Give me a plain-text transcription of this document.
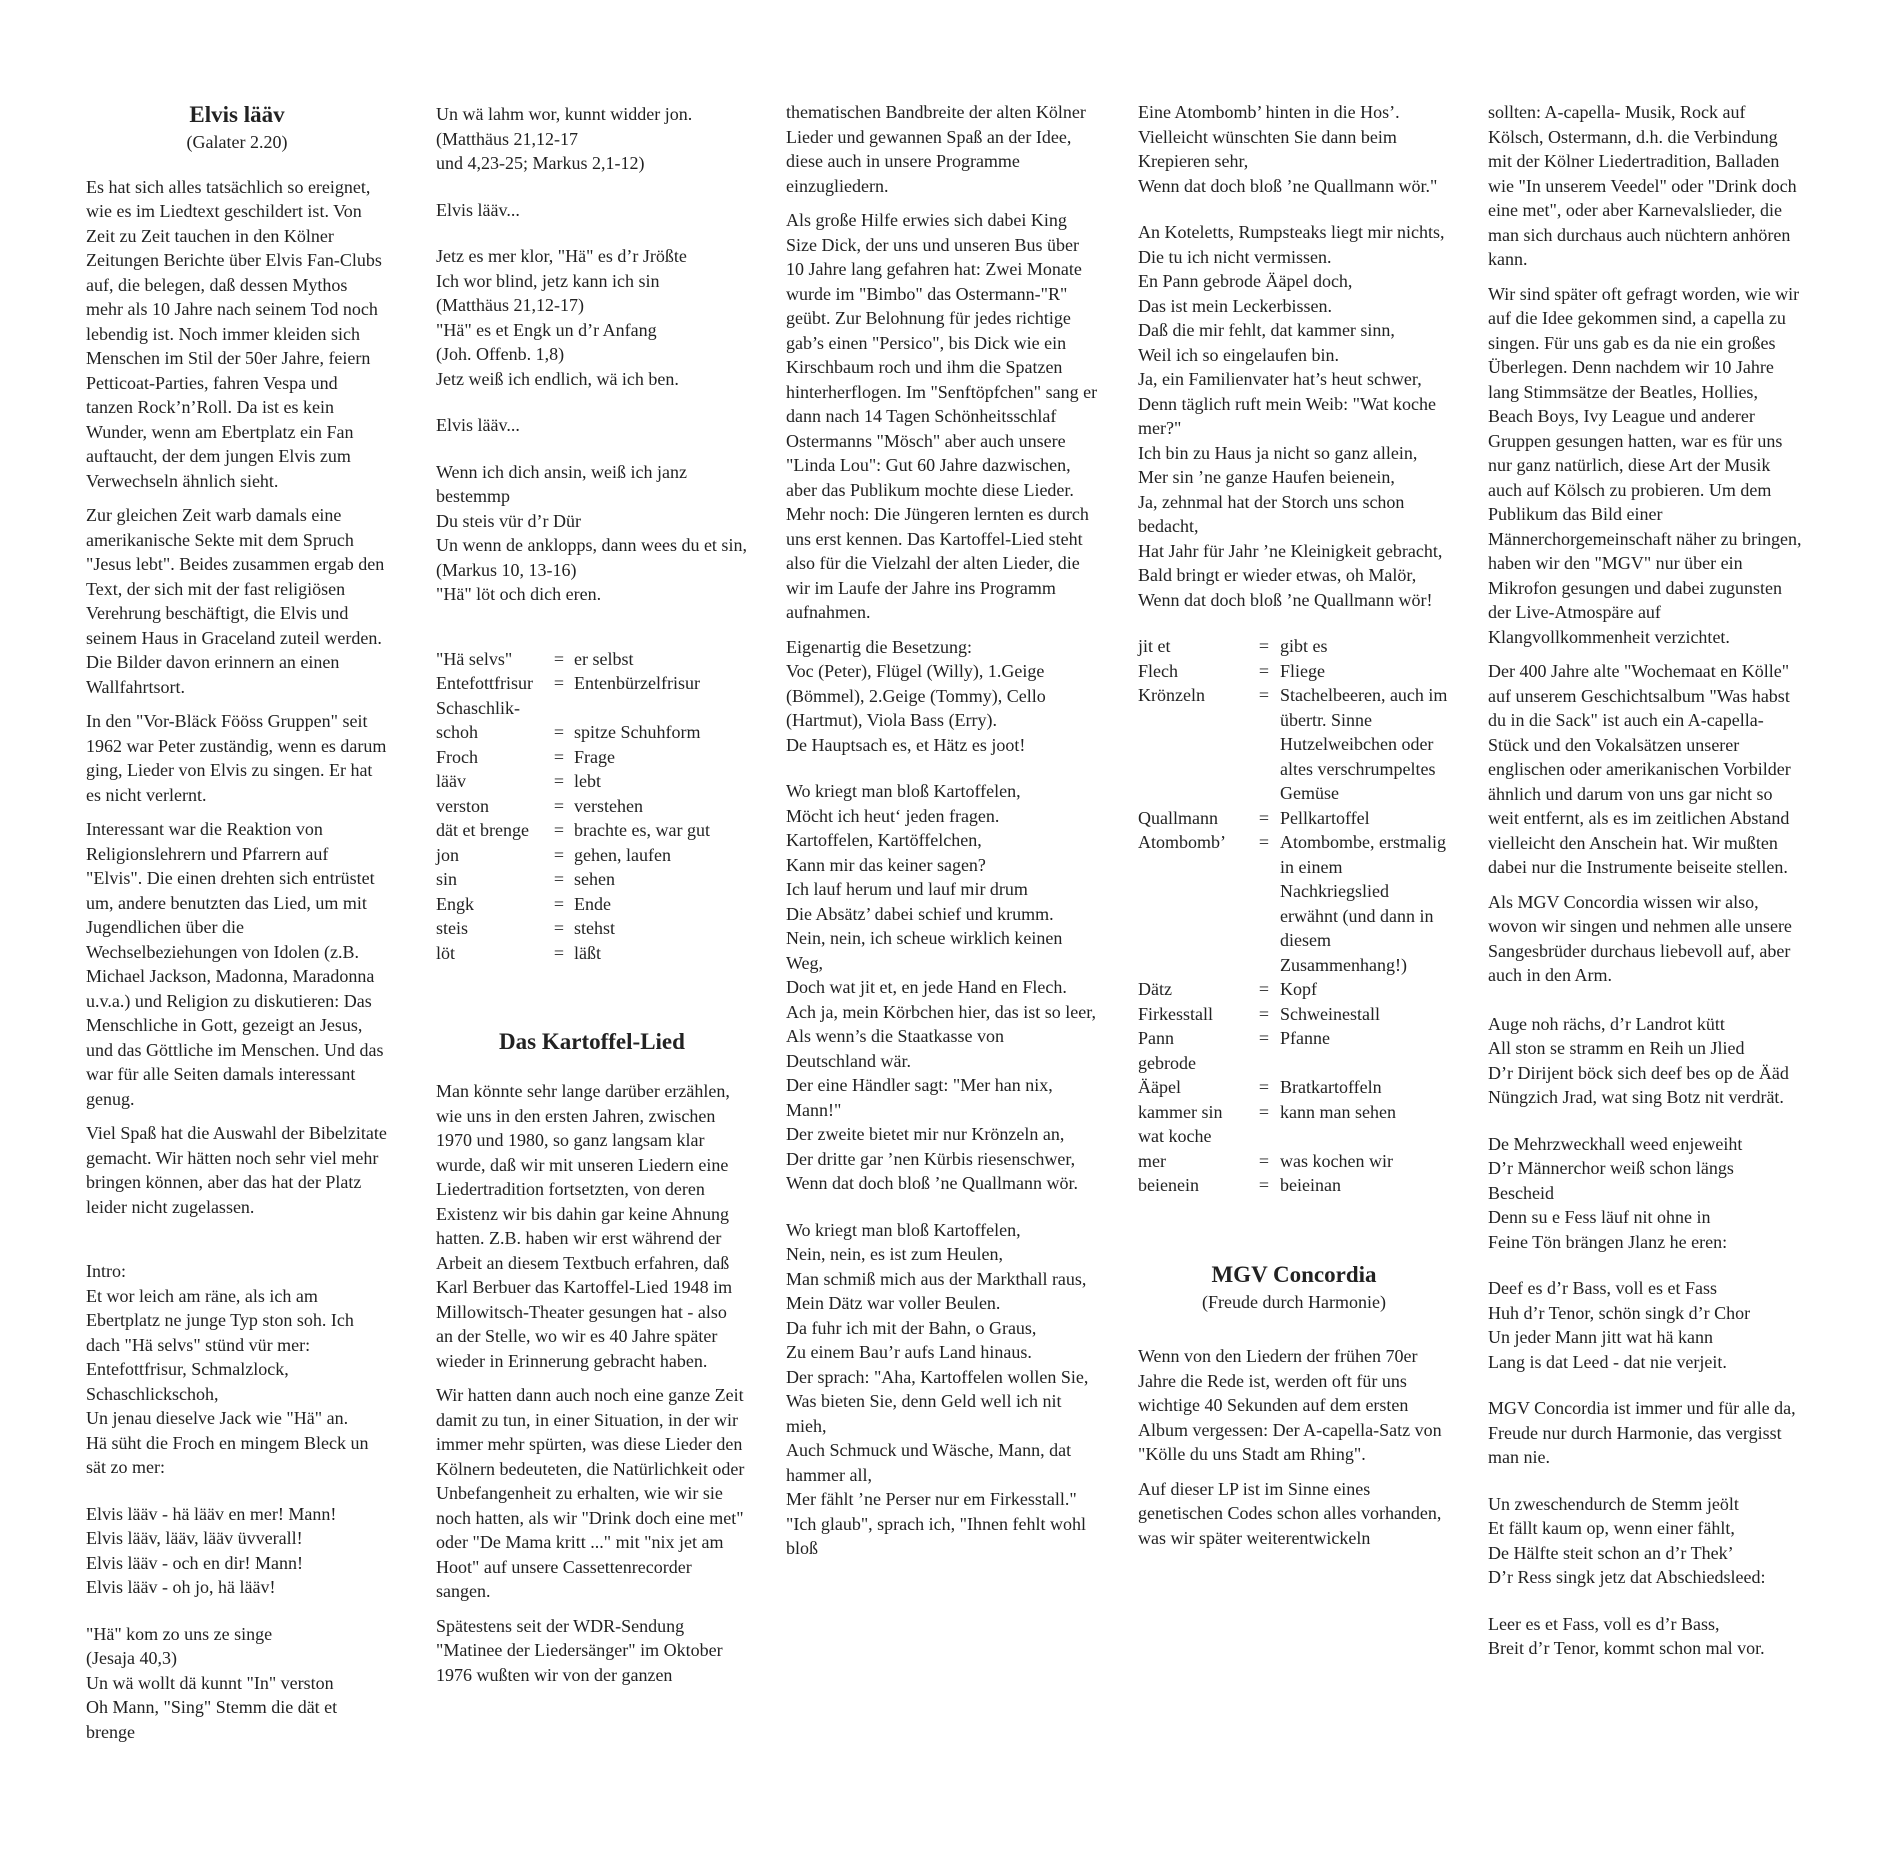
Elvis lääv
(Galater 2.20)

Es hat sich alles tatsächlich so ereignet, wie es im Liedtext geschildert ist. Von Zeit zu Zeit tauchen in den Kölner Zeitungen Berichte über Elvis Fan-Clubs auf, die belegen, daß dessen Mythos mehr als 10 Jahre nach seinem Tod noch lebendig ist. Noch immer kleiden sich Menschen im Stil der 50er Jahre, feiern Petticoat-Parties, fahren Vespa und tanzen Rock’n’Roll. Da ist es kein Wunder, wenn am Ebertplatz ein Fan auftaucht, der dem jungen Elvis zum Verwechseln ähnlich sieht.

Zur gleichen Zeit warb damals eine amerikanische Sekte mit dem Spruch "Jesus lebt". Beides zusammen ergab den Text, der sich mit der fast religiösen Verehrung beschäftigt, die Elvis und seinem Haus in Graceland zuteil werden. Die Bilder davon erinnern an einen Wallfahrtsort.

In den "Vor-Bläck Fööss Gruppen" seit 1962 war Peter zuständig, wenn es darum ging, Lieder von Elvis zu singen. Er hat es nicht verlernt.

Interessant war die Reaktion von Religionslehrern und Pfarrern auf "Elvis". Die einen drehten sich entrüstet um, andere benutzten das Lied, um mit Jugendlichen über die Wechselbeziehungen von Idolen (z.B. Michael Jackson, Madonna, Maradonna u.v.a.) und Religion zu diskutieren: Das Menschliche in Gott, gezeigt an Jesus, und das Göttliche im Menschen. Und das war für alle Seiten damals interessant genug.

Viel Spaß hat die Auswahl der Bibelzitate gemacht. Wir hätten noch sehr viel mehr bringen können, aber das hat der Platz leider nicht zugelassen.

Intro:
Et wor leich am räne, als ich am Ebertplatz ne junge Typ ston soh. Ich dach "Hä selvs" stünd vür mer:
Entefottfrisur, Schmalzlock, Schaschlickschoh,
Un jenau dieselve Jack wie "Hä" an.
Hä süht die Froch en mingem Bleck un sät zo mer:
Elvis lääv - hä lääv en mer! Mann!
Elvis lääv, lääv, lääv üvverall!
Elvis lääv - och en dir! Mann!
Elvis lääv - oh jo, hä lääv!
"Hä" kom zo uns ze singe
(Jesaja 40,3)
Un wä wollt dä kunnt "In" verston
Oh Mann, "Sing" Stemm die dät et brenge
Un wä lahm wor, kunnt widder jon.
(Matthäus 21,12-17
und 4,23-25; Markus 2,1-12)
Elvis lääv...
Jetz es mer klor, "Hä" es d’r Jrößte
Ich wor blind, jetz kann ich sin
(Matthäus 21,12-17)
"Hä" es et Engk un d’r Anfang
(Joh. Offenb. 1,8)
Jetz weiß ich endlich, wä ich ben.
Elvis lääv...
Wenn ich dich ansin, weiß ich janz bestemmp
Du steis vür d’r Dür
Un wenn de anklopps, dann wees du et sin, (Markus 10, 13-16)
"Hä" löt och dich eren.
"Hä selvs"	= er selbst
Entefottfrisur	= Entenbürzelfrisur
Schaschlik-
schoh	= spitze Schuhform
Froch	= Frage
lääv	= lebt
verston	= verstehen
dät et brenge	= brachte es, war gut
jon	= gehen, laufen
sin	= sehen
Engk	= Ende
steis	= stehst
löt	= läßt
Das Kartoffel-Lied

Man könnte sehr lange darüber erzählen, wie uns in den ersten Jahren, zwischen 1970 und 1980, so ganz langsam klar wurde, daß wir mit unseren Liedern eine Liedertradition fortsetzten, von deren Existenz wir bis dahin gar keine Ahnung hatten. Z.B. haben wir erst während der Arbeit an diesem Textbuch erfahren, daß Karl Berbuer das Kartoffel-Lied 1948 im Millowitsch-Theater gesungen hat - also an der Stelle, wo wir es 40 Jahre später wieder in Erinnerung gebracht haben.

Wir hatten dann auch noch eine ganze Zeit damit zu tun, in einer Situation, in der wir immer mehr spürten, was diese Lieder den Kölnern bedeuteten, die Natürlichkeit oder Unbefangenheit zu erhalten, wie wir sie noch hatten, als wir "Drink doch eine met" oder "De Mama kritt ..." mit "nix jet am Hoot" auf unsere Cassettenrecorder sangen.

Spätestens seit der WDR-Sendung "Matinee der Liedersänger" im Oktober 1976 wußten wir von der ganzen

thematischen Bandbreite der alten Kölner Lieder und gewannen Spaß an der Idee, diese auch in unsere Programme einzugliedern.

Als große Hilfe erwies sich dabei King Size Dick, der uns und unseren Bus über 10 Jahre lang gefahren hat: Zwei Monate wurde im "Bimbo" das Ostermann-"R" geübt. Zur Belohnung für jedes richtige gab’s einen "Persico", bis Dick wie ein Kirschbaum roch und ihm die Spatzen hinterherflogen. Im "Senftöpfchen" sang er dann nach 14 Tagen Schönheitsschlaf Ostermanns "Mösch" aber auch unsere "Linda Lou": Gut 60 Jahre dazwischen, aber das Publikum mochte diese Lieder. Mehr noch: Die Jüngeren lernten es durch uns erst kennen. Das Kartoffel-Lied steht also für die Vielzahl der alten Lieder, die wir im Laufe der Jahre ins Programm aufnahmen.

Eigenartig die Besetzung:

Voc (Peter), Flügel (Willy), 1.Geige (Bömmel), 2.Geige (Tommy), Cello (Hartmut), Viola Bass (Erry).
De Hauptsach es, et Hätz es joot!
Wo kriegt man bloß Kartoffelen,
Möcht ich heut‘ jeden fragen.
Kartoffelen, Kartöffelchen,
Kann mir das keiner sagen?
Ich lauf herum und lauf mir drum
Die Absätz’ dabei schief und krumm.
Nein, nein, ich scheue wirklich keinen Weg,
Doch wat jit et, en jede Hand en Flech.
Ach ja, mein Körbchen hier, das ist so leer,
Als wenn’s die Staatkasse von Deutschland wär.
Der eine Händler sagt: "Mer han nix, Mann!"
Der zweite bietet mir nur Krönzeln an,
Der dritte gar ’nen Kürbis riesenschwer,
Wenn dat doch bloß ’ne Quallmann wör.
Wo kriegt man bloß Kartoffelen,
Nein, nein, es ist zum Heulen,
Man schmiß mich aus der Markthall raus,
Mein Dätz war voller Beulen.
Da fuhr ich mit der Bahn, o Graus,
Zu einem Bau’r aufs Land hinaus.
Der sprach: "Aha, Kartoffelen wollen Sie,
Was bieten Sie, denn Geld well ich nit mieh,
Auch Schmuck und Wäsche, Mann, dat hammer all,
Mer fählt ’ne Perser nur em Firkesstall."
"Ich glaub", sprach ich, "Ihnen fehlt wohl bloß
Eine Atombomb’ hinten in die Hos’.
Vielleicht wünschten Sie dann beim Krepieren sehr,
Wenn dat doch bloß ’ne Quallmann wör."
An Koteletts, Rumpsteaks liegt mir nichts,
Die tu ich nicht vermissen.
En Pann gebrode Ääpel doch,
Das ist mein Leckerbissen.
Daß die mir fehlt, dat kammer sinn,
Weil ich so eingelaufen bin.
Ja, ein Familienvater hat’s heut schwer,
Denn täglich ruft mein Weib: "Wat koche mer?"
Ich bin zu Haus ja nicht so ganz allein,
Mer sin ’ne ganze Haufen beienein,
Ja, zehnmal hat der Storch uns schon bedacht,
Hat Jahr für Jahr ’ne Kleinigkeit gebracht,
Bald bringt er wieder etwas, oh Malör,
Wenn dat doch bloß ’ne Quallmann wör!
jit et	= gibt es
Flech	= Fliege
Krönzeln	= Stachelbeeren, auch im übertr. Sinne Hutzelweibchen oder altes verschrumpeltes Gemüse
Quallmann	= Pellkartoffel
Atombomb’	= Atombombe, erstmalig in einem Nachkriegslied erwähnt (und dann in diesem Zusammenhang!)
Dätz	= Kopf
Firkesstall	= Schweinestall
Pann	= Pfanne
gebrode
Ääpel	= Bratkartoffeln
kammer sin	= kann man sehen
wat koche
mer	= was kochen wir
beienein	= beieinan
MGV Concordia
(Freude durch Harmonie)

Wenn von den Liedern der frühen 70er Jahre die Rede ist, werden oft für uns wichtige 40 Sekunden auf dem ersten Album vergessen: Der A-capella-Satz von "Kölle du uns Stadt am Rhing".

Auf dieser LP ist im Sinne eines genetischen Codes schon alles vorhanden, was wir später weiterentwickeln

sollten: A-capella- Musik, Rock auf Kölsch, Ostermann, d.h. die Verbindung mit der Kölner Liedertradition, Balladen wie "In unserem Veedel" oder "Drink doch eine met", oder aber Karnevalslieder, die man sich durchaus auch nüchtern anhören kann.

Wir sind später oft gefragt worden, wie wir auf die Idee gekommen sind, a capella zu singen. Für uns gab es da nie ein großes Überlegen. Denn nachdem wir 10 Jahre lang Stimmsätze der Beatles, Hollies, Beach Boys, Ivy League und anderer Gruppen gesungen hatten, war es für uns nur ganz natürlich, diese Art der Musik auch auf Kölsch zu probieren. Um dem Publikum das Bild einer Männerchorgemeinschaft näher zu bringen, haben wir den "MGV" nur über ein Mikrofon gesungen und dabei zugunsten der Live-Atmospäre auf Klangvollkommenheit verzichtet.

Der 400 Jahre alte "Wochemaat en Kölle" auf unserem Geschichtsalbum "Was habst du in die Sack" ist auch ein A-capella-Stück und den Vokalsätzen unserer englischen oder amerikanischen Vorbilder ähnlich und darum von uns gar nicht so weit entfernt, als es im zeitlichen Abstand vielleicht den Anschein hat. Wir mußten dabei nur die Instrumente beiseite stellen.

Als MGV Concordia wissen wir also, wovon wir singen und nehmen alle unsere Sangesbrüder durchaus liebevoll auf, aber auch in den Arm.

Auge noh rächs, d’r Landrot kütt
All ston se stramm en Reih un Jlied
D’r Dirijent böck sich deef bes op de Ääd
Nüngzich Jrad, wat sing Botz nit verdrät.
De Mehrzweckhall weed enjeweiht
D’r Männerchor weiß schon längs Bescheid
Denn su e Fess läuf nit ohne in
Feine Tön brängen Jlanz he eren:
Deef es d’r Bass, voll es et Fass
Huh d’r Tenor, schön singk d’r Chor
Un jeder Mann jitt wat hä kann
Lang is dat Leed - dat nie verjeit.
MGV Concordia ist immer und für alle da,
Freude nur durch Harmonie, das vergisst man nie.
Un zweschendurch de Stemm jeölt
Et fällt kaum op, wenn einer fählt,
De Hälfte steit schon an d’r Thek’
D’r Ress singk jetz dat Abschiedsleed:
Leer es et Fass, voll es d’r Bass,
Breit d’r Tenor, kommt schon mal vor.
